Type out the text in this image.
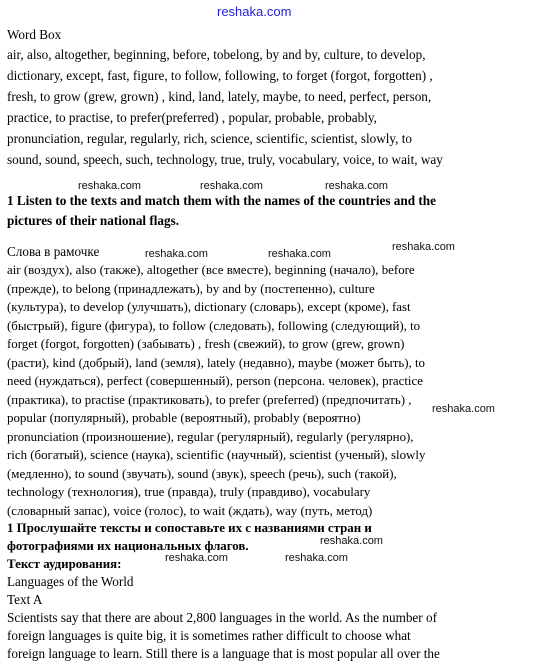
reshaka.com
Word Box
air, also, altogether, beginning, before, tobelong, by and by, culture, to develop,
dictionary, except, fast, figure, to follow, following, to forget (forgot, forgotten) ,
fresh, to grow (grew, grown) , kind, land, lately, maybe, to need, perfect, person,
practice, to practise, to prefer(preferred) , popular, probable, probably,
pronunciation, regular, regularly, rich, science, scientific, scientist, slowly, to
sound, sound, speech, such, technology, true, truly, vocabulary, voice, to wait, way
reshaka.com	reshaka.com	reshaka.com
1 Listen to the texts and match them with the names of the countries and the
pictures of their national flags.
reshaka.com
reshaka.com	reshaka.com
Слова в рамочке
air (воздух), also (также), altogether (все вместе), beginning (начало), before
(прежде), to belong (принадлежать), by and by (постепенно), culture
(культура), to develop (улучшать), dictionary (словарь), except (кроме), fast
(быстрый), figure (фигура), to follow (следовать), following (следующий), to
forget (forgot, forgotten) (забывать) , fresh (свежий), to grow (grew, grown)
(расти), kind (добрый), land (земля), lately (недавно), maybe (может быть), to
need (нуждаться), perfect (совершенный), person (персона. человек), practice
(практика), to practise (практиковать), to prefer (preferred) (предпочитать) ,
popular (популярный), probable (вероятный), probably (вероятно)
reshaka.com
pronunciation (произношение), regular (регулярный), regularly (регулярно),
rich (богатый), science (наука), scientific (научный), scientist (ученый), slowly
(медленно), to sound (звучать), sound (звук), speech (речь), such (такой),
technology (технология), true (правда), truly (правдиво), vocabulary
(словарный запас), voice (голос), to wait (ждать), way (путь, метод)
1 Прослушайте тексты и сопоставьте их с названиями стран и
фотографиями их национальных флагов.	reshaka.com
Текст аудирования:	reshaka.com	reshaka.com
Languages of the World
Text A
Scientists say that there are about 2,800 languages in the world. As the number of
foreign languages is quite big, it is sometimes rather difficult to choose what
foreign language to learn. Still there is a language that is most popular all over the
